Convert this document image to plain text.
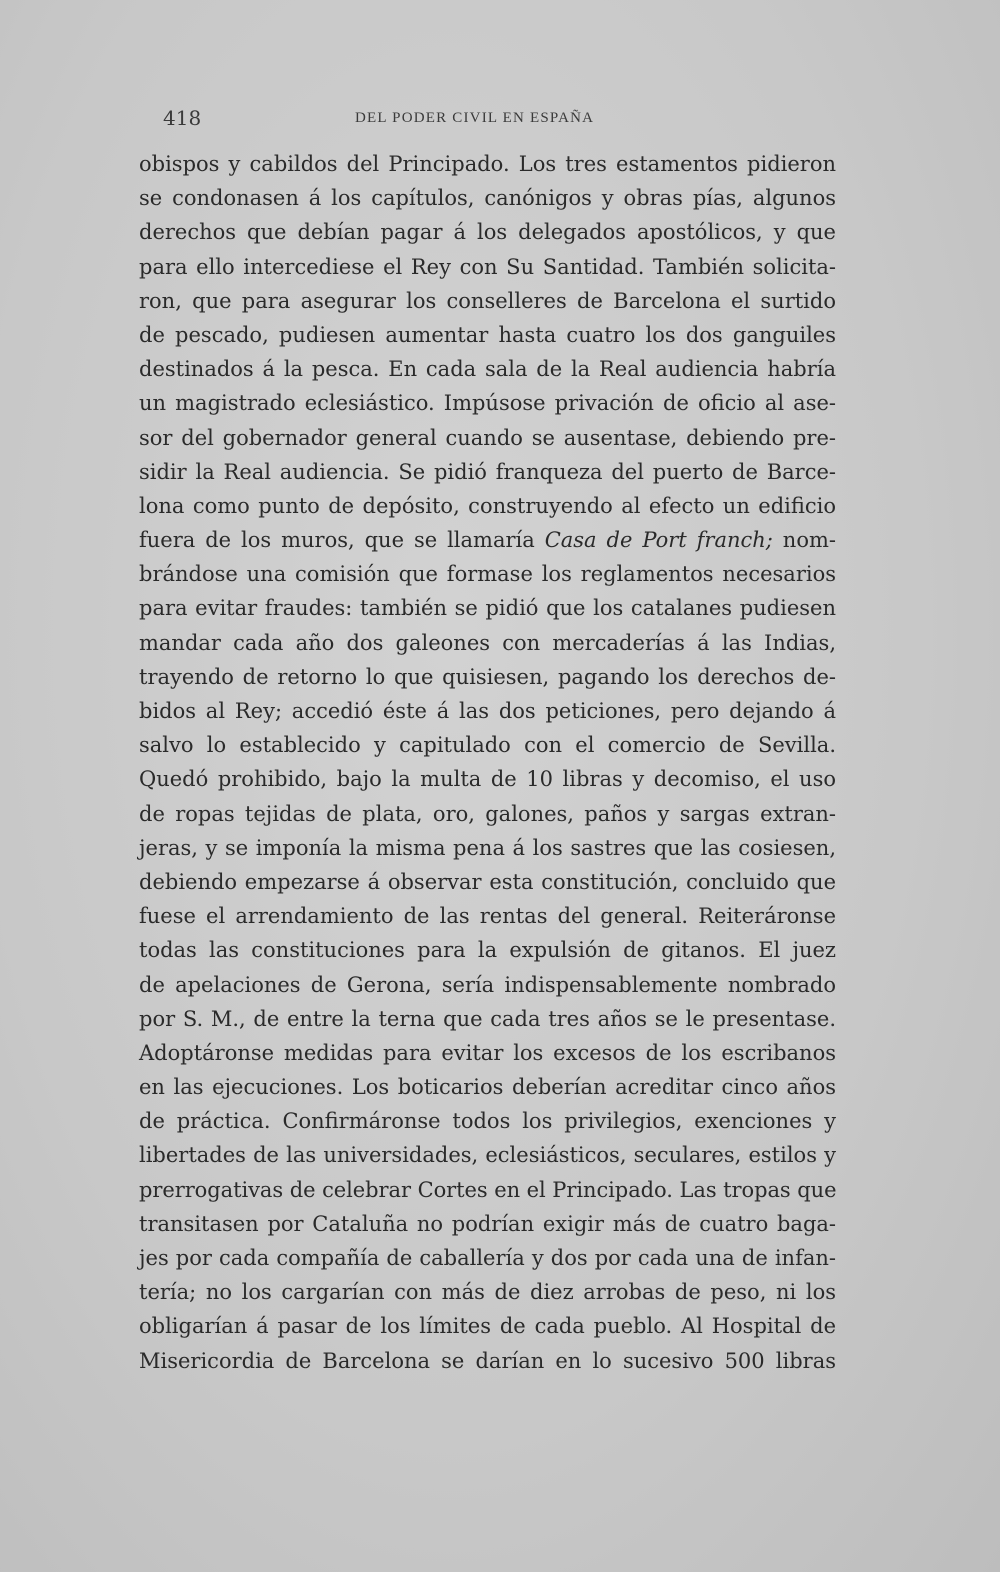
418	DEL PODER CIVIL EN ESPAÑA
obispos y cabildos del Principado. Los tres estamentos pidieron
se condonasen á los capítulos, canónigos y obras pías, algunos
derechos que debían pagar á los delegados apostólicos, y que
para ello intercediese el Rey con Su Santidad. También solicita-
ron, que para asegurar los conselleres de Barcelona el surtido
de pescado, pudiesen aumentar hasta cuatro los dos ganguiles
destinados á la pesca. En cada sala de la Real audiencia habría
un magistrado eclesiástico. Impúsose privación de oficio al ase-
sor del gobernador general cuando se ausentase, debiendo pre-
sidir la Real audiencia. Se pidió franqueza del puerto de Barce-
lona como punto de depósito, construyendo al efecto un edificio
fuera de los muros, que se llamaría Casa de Port franch; nom-
brándose una comisión que formase los reglamentos necesarios
para evitar fraudes: también se pidió que los catalanes pudiesen
mandar cada año dos galeones con mercaderías á las Indias,
trayendo de retorno lo que quisiesen, pagando los derechos de-
bidos al Rey; accedió éste á las dos peticiones, pero dejando á
salvo lo establecido y capitulado con el comercio de Sevilla.
Quedó prohibido, bajo la multa de 10 libras y decomiso, el uso
de ropas tejidas de plata, oro, galones, paños y sargas extran-
jeras, y se imponía la misma pena á los sastres que las cosiesen,
debiendo empezarse á observar esta constitución, concluido que
fuese el arrendamiento de las rentas del general. Reiteráronse
todas las constituciones para la expulsión de gitanos. El juez
de apelaciones de Gerona, sería indispensablemente nombrado
por S. M., de entre la terna que cada tres años se le presentase.
Adoptáronse medidas para evitar los excesos de los escribanos
en las ejecuciones. Los boticarios deberían acreditar cinco años
de práctica. Confirmáronse todos los privilegios, exenciones y
libertades de las universidades, eclesiásticos, seculares, estilos y
prerrogativas de celebrar Cortes en el Principado. Las tropas que
transitasen por Cataluña no podrían exigir más de cuatro baga-
jes por cada compañía de caballería y dos por cada una de infan-
tería; no los cargarían con más de diez arrobas de peso, ni los
obligarían á pasar de los límites de cada pueblo. Al Hospital de
Misericordia de Barcelona se darían en lo sucesivo 500 libras
